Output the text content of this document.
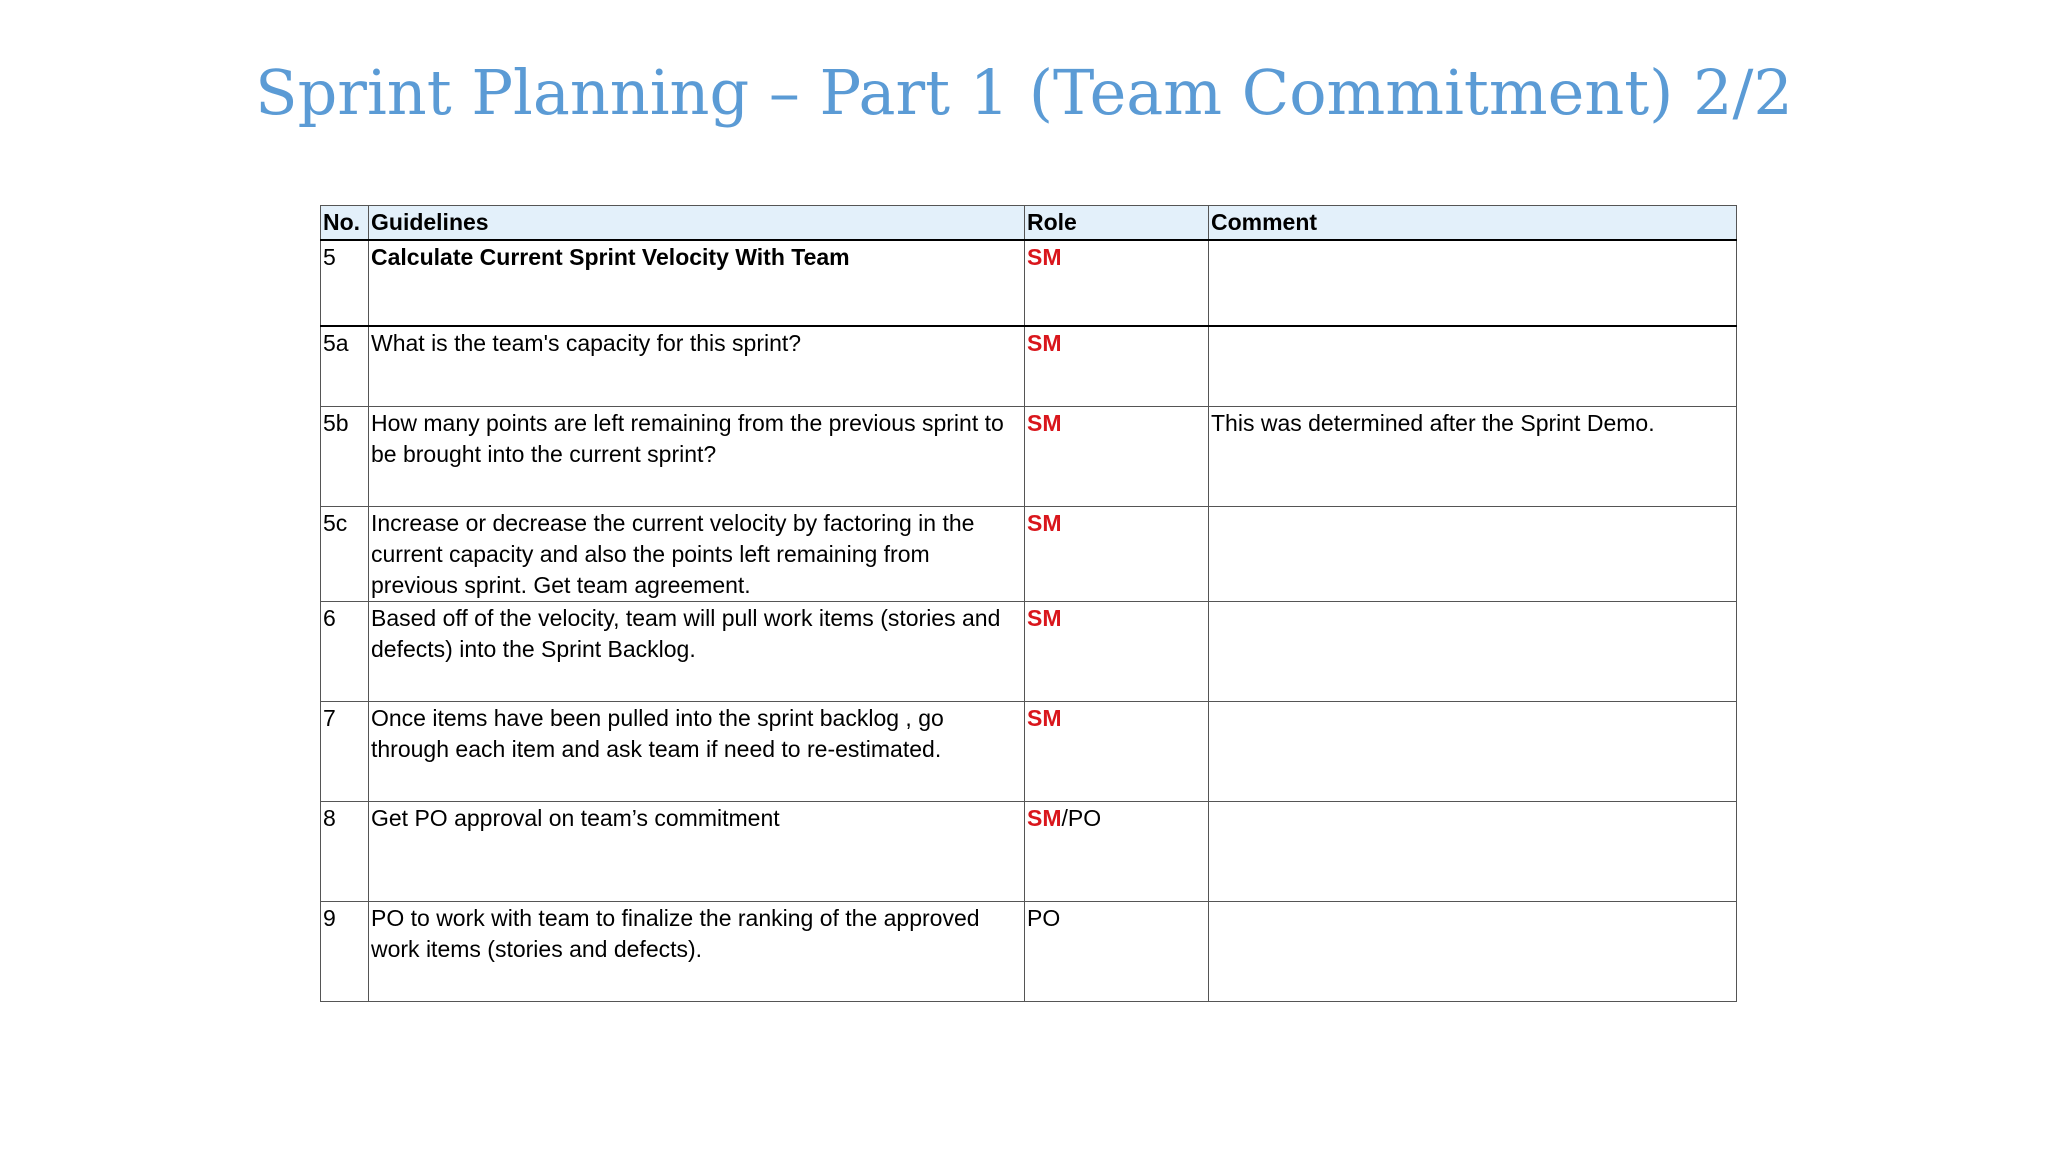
Sprint Planning – Part 1 (Team Commitment) 2/2
No.	Guidelines	Role	Comment
5	Calculate Current Sprint Velocity With Team	SM	
5a	What is the team's capacity for this sprint?	SM	
5b	How many points are left remaining from the previous sprint to be brought into the current sprint?	SM	This was determined after the Sprint Demo.
5c	Increase or decrease the current velocity by factoring in the current capacity and also the points left remaining from previous sprint. Get team agreement.	SM	
6	Based off of the velocity, team will pull work items (stories and defects) into the Sprint Backlog.	SM	
7	Once items have been pulled into the sprint backlog , go through each item and ask team if need to re-estimated.	SM	
8	Get PO approval on team’s commitment	SM/PO	
9	PO to work with team to finalize the ranking of the approved work items (stories and defects).	PO	
